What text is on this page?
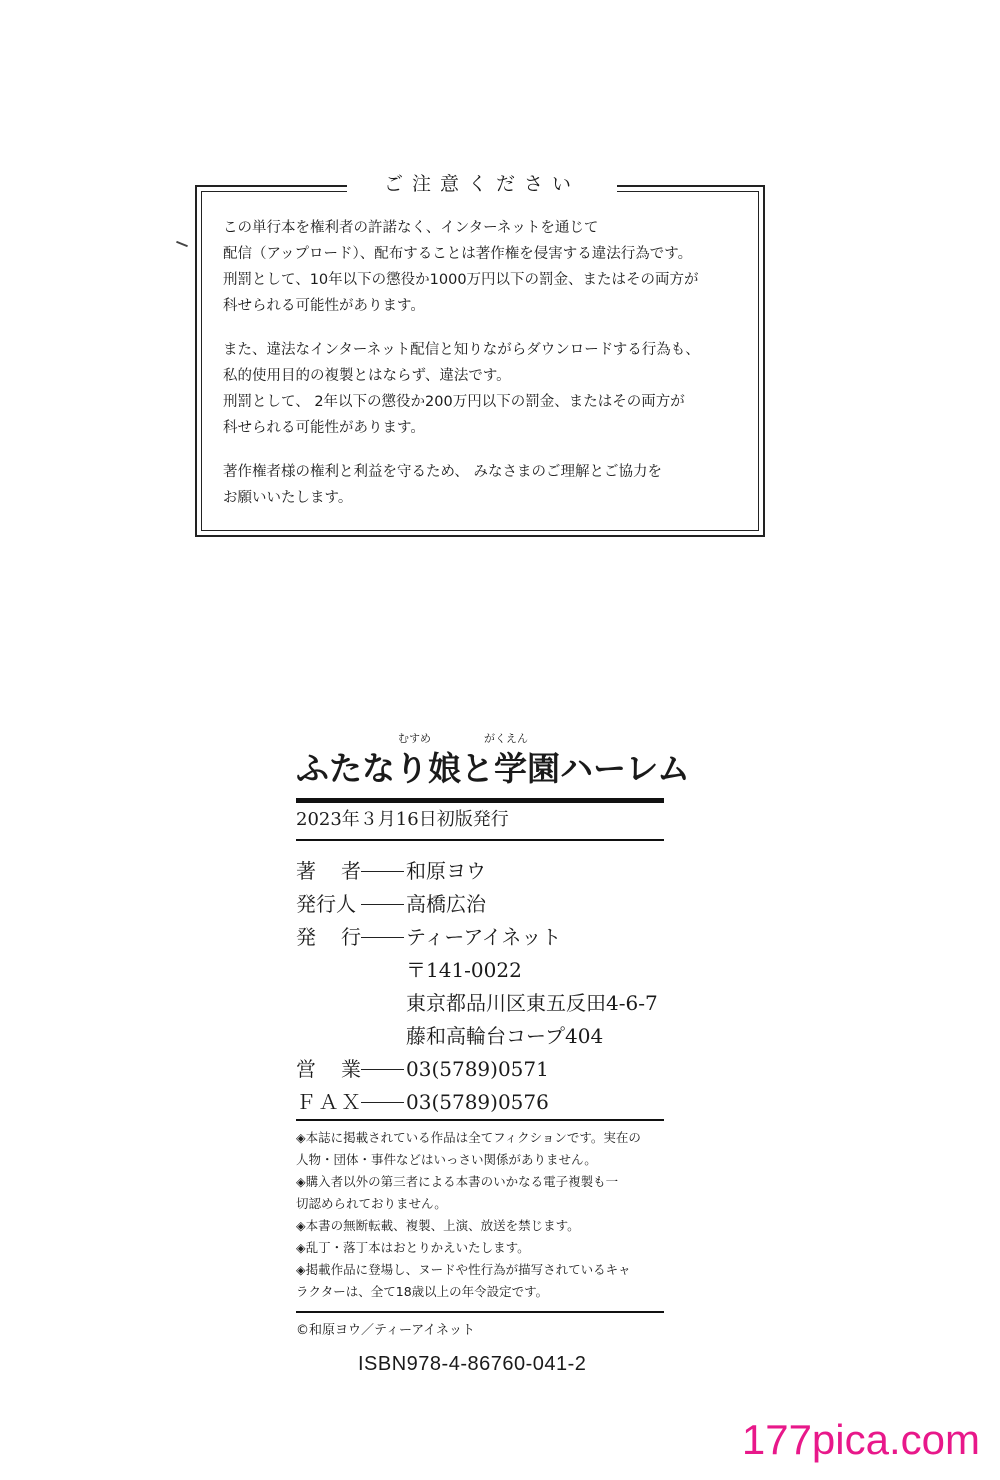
ご注意ください
この単行本を権利者の許諾なく、インターネットを通じて
配信（アップロード）、配布することは著作権を侵害する違法行為です。
刑罰として、10年以下の懲役か1000万円以下の罰金、またはその両方が
科せられる可能性があります。
また、違法なインターネット配信と知りながらダウンロードする行為も、
私的使用目的の複製とはならず、違法です。
刑罰として、 2年以下の懲役か200万円以下の罰金、またはその両方が
科せられる可能性があります。
著作権者様の権利と利益を守るため、 みなさまのご理解とご協力を
お願いいたします。
むすめ	がくえん
ふたなり娘と学園ハーレム
2023年３月16日初版発行
著 者 和原ヨウ
発行人	高橋広治
発 行 ティーアイネット
〒141-0022
東京都品川区東五反田4-6-7
藤和高輪台コープ404
営 業 03(5789)0571
Ｆ Ａ Ｘ 03(5789)0576
◈本誌に掲載されている作品は全てフィクションです。実在の
人物・団体・事件などはいっさい関係がありません。
◈購入者以外の第三者による本書のいかなる電子複製も一
切認められておりません。
◈本書の無断転載、複製、上演、放送を禁じます。
◈乱丁・落丁本はおとりかえいたします。
◈掲載作品に登場し、ヌードや性行為が描写されているキャ
ラクターは、全て18歳以上の年令設定です。
©和原ヨウ／ティーアイネット
ISBN978-4-86760-041-2
177pica.com
